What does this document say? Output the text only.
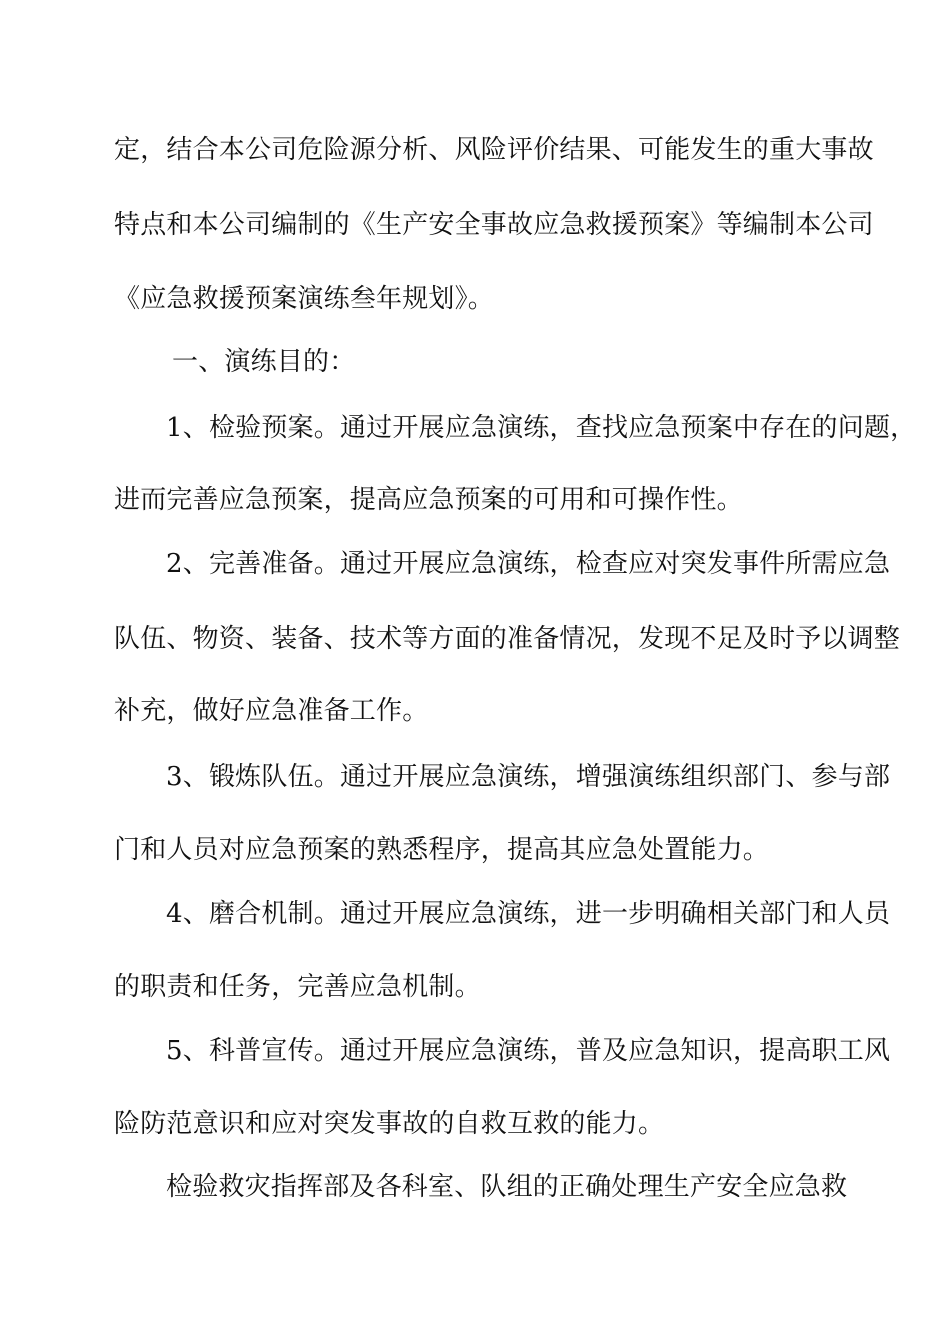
定，结合本公司危险源分析、风险评价结果、可能发生的重大事故
特点和本公司编制的《生产安全事故应急救援预案》等编制本公司
《应急救援预案演练叁年规划》。
一、演练目的：
1、检验预案。通过开展应急演练，查找应急预案中存在的问题，
进而完善应急预案，提高应急预案的可用和可操作性。
2、完善准备。通过开展应急演练，检查应对突发事件所需应急
队伍、物资、装备、技术等方面的准备情况，发现不足及时予以调整
补充，做好应急准备工作。
3、锻炼队伍。通过开展应急演练，增强演练组织部门、参与部
门和人员对应急预案的熟悉程序，提高其应急处置能力。
4、磨合机制。通过开展应急演练，进一步明确相关部门和人员
的职责和任务，完善应急机制。
5、科普宣传。通过开展应急演练，普及应急知识，提高职工风
险防范意识和应对突发事故的自救互救的能力。
检验救灾指挥部及各科室、队组的正确处理生产安全应急救
